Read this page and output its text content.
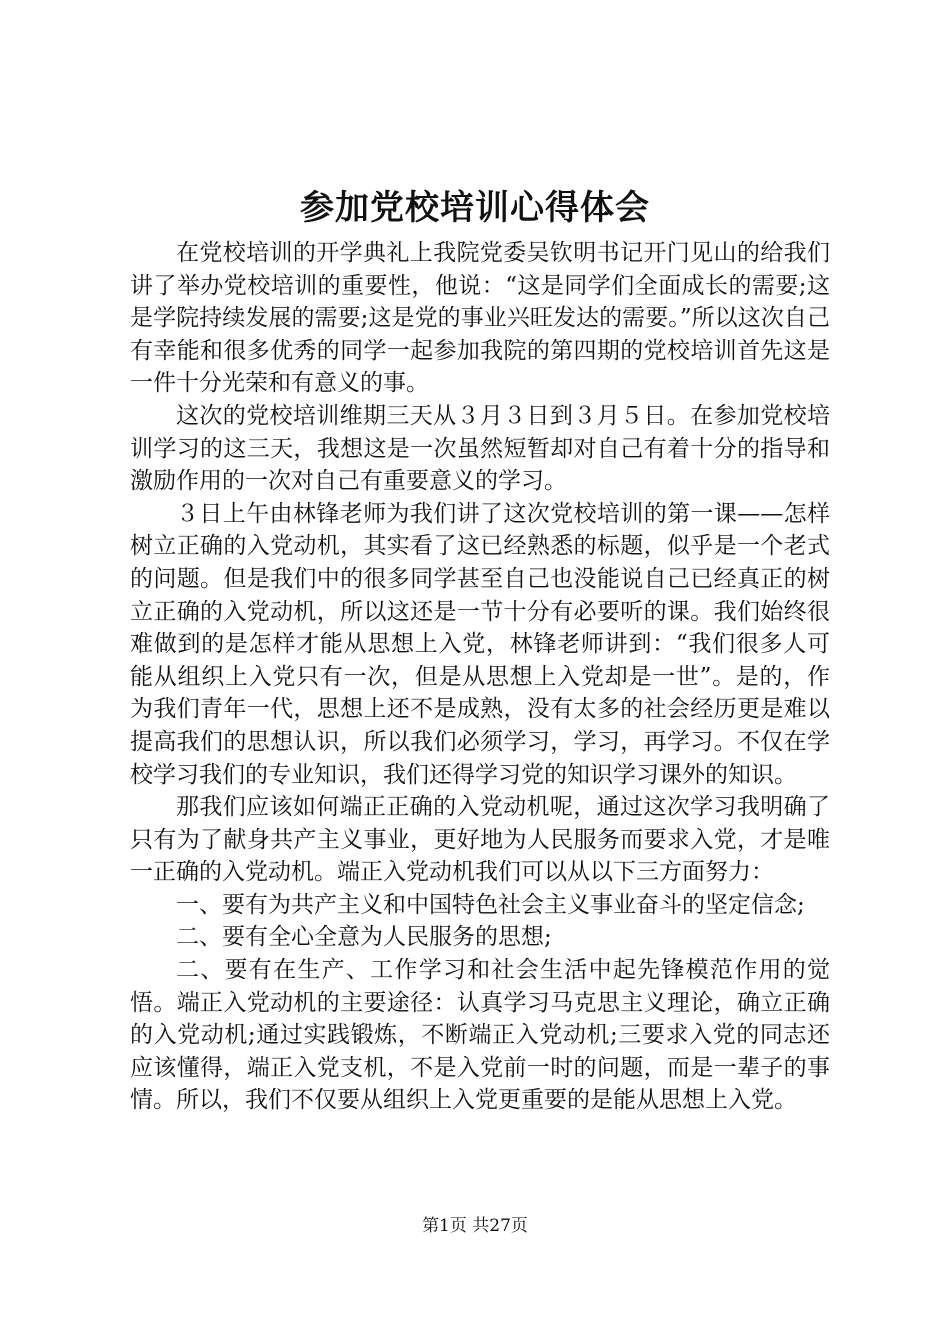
参加党校培训心得体会

在党校培训的开学典礼上我院党委吴钦明书记开门见山的给我们讲了举办党校培训的重要性，他说：“这是同学们全面成长的需要;这是学院持续发展的需要;这是党的事业兴旺发达的需要。”所以这次自己有幸能和很多优秀的同学一起参加我院的第四期的党校培训首先这是一件十分光荣和有意义的事。

这次的党校培训维期三天从３月３日到３月５日。在参加党校培训学习的这三天，我想这是一次虽然短暂却对自己有着十分的指导和激励作用的一次对自己有重要意义的学习。

３日上午由林锋老师为我们讲了这次党校培训的第一课——怎样树立正确的入党动机，其实看了这已经熟悉的标题，似乎是一个老式的问题。但是我们中的很多同学甚至自己也没能说自己已经真正的树立正确的入党动机，所以这还是一节十分有必要听的课。我们始终很难做到的是怎样才能从思想上入党，林锋老师讲到：“我们很多人可能从组织上入党只有一次，但是从思想上入党却是一世”。是的，作为我们青年一代，思想上还不是成熟，没有太多的社会经历更是难以提高我们的思想认识，所以我们必须学习，学习，再学习。不仅在学校学习我们的专业知识，我们还得学习党的知识学习课外的知识。

那我们应该如何端正正确的入党动机呢，通过这次学习我明确了只有为了献身共产主义事业，更好地为人民服务而要求入党，才是唯一正确的入党动机。端正入党动机我们可以从以下三方面努力：

一、要有为共产主义和中国特色社会主义事业奋斗的坚定信念;

二、要有全心全意为人民服务的思想;

二、要有在生产、工作学习和社会生活中起先锋模范作用的觉悟。端正入党动机的主要途径：认真学习马克思主义理论，确立正确的入党动机;通过实践锻炼，不断端正入党动机;三要求入党的同志还应该懂得，端正入党支机，不是入党前一时的问题，而是一辈子的事情。所以，我们不仅要从组织上入党更重要的是能从思想上入党。

第1页 共27页
